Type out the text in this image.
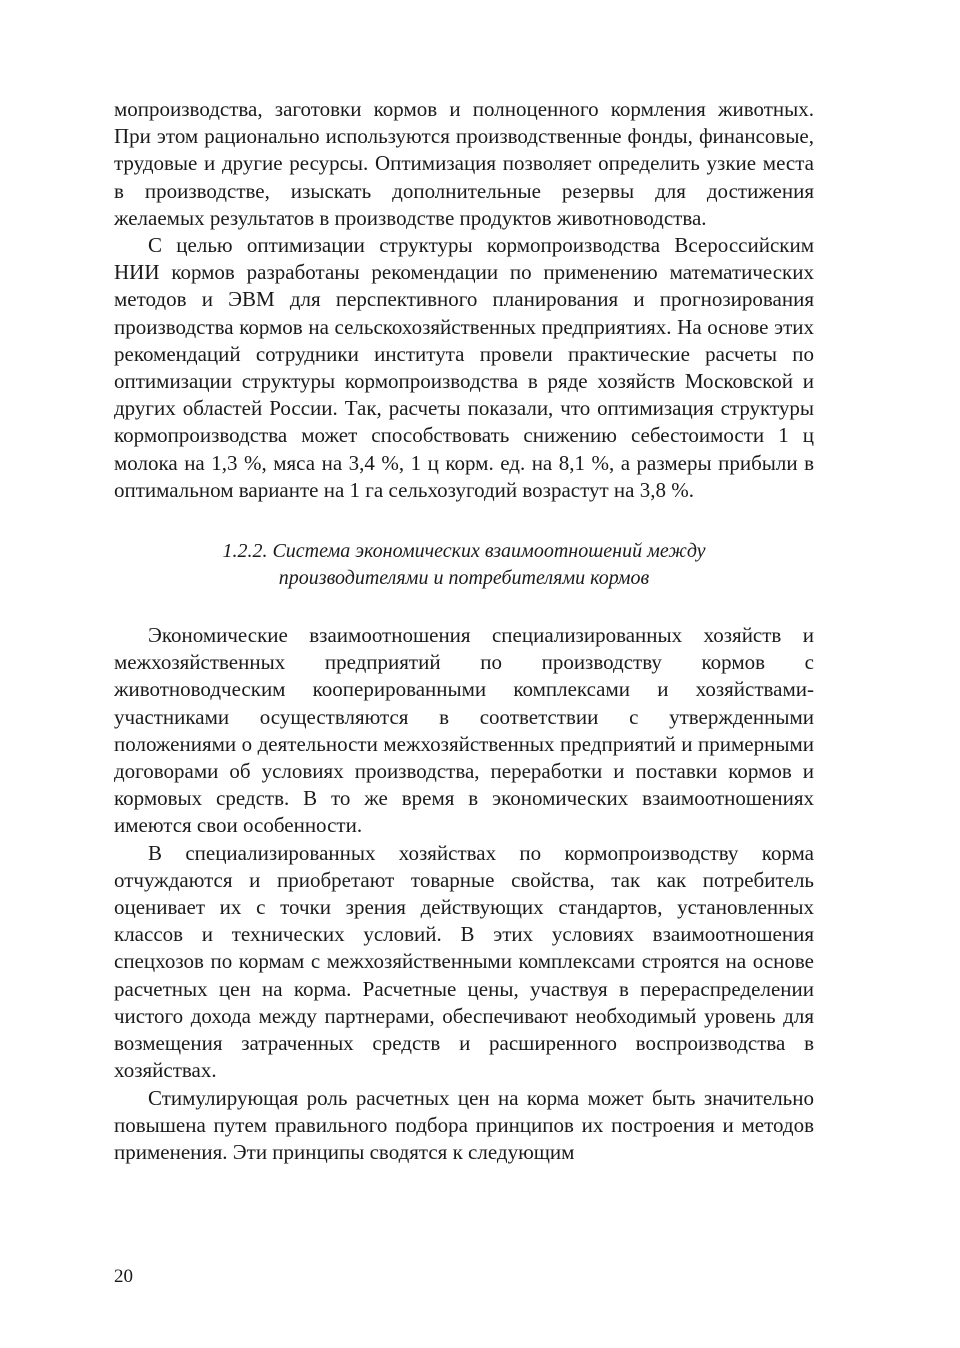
мопроизводства, заготовки кормов и полноценного кормления животных. При этом рационально используются производственные фонды, финансовые, трудовые и другие ресурсы. Оптимизация позволяет определить узкие места в производстве, изыскать дополнительные резервы для достижения желаемых результатов в производстве продуктов животноводства.

С целью оптимизации структуры кормопроизводства Всероссийским НИИ кормов разработаны рекомендации по применению математических методов и ЭВМ для перспективного планирования и прогнозирования производства кормов на сельскохозяйственных предприятиях. На основе этих рекомендаций сотрудники института провели практические расчеты по оптимизации структуры кормопроизводства в ряде хозяйств Московской и других областей России. Так, расчеты показали, что оптимизация структуры кормопроизводства может способствовать снижению себестоимости 1 ц молока на 1,3 %, мяса на 3,4 %, 1 ц корм. ед. на 8,1 %, а размеры прибыли в оптимальном варианте на 1 га сельхозугодий возрастут на 3,8 %.

1.2.2. Система экономических взаимоотношений между
производителями и потребителями кормов

Экономические взаимоотношения специализированных хозяйств и межхозяйственных предприятий по производству кормов с животноводческим кооперированными комплексами и хозяйствами-участниками осуществляются в соответствии с утвержденными положениями о деятельности межхозяйственных предприятий и примерными договорами об условиях производства, переработки и поставки кормов и кормовых средств. В то же время в экономических взаимоотношениях имеются свои особенности.

В специализированных хозяйствах по кормопроизводству корма отчуждаются и приобретают товарные свойства, так как потребитель оценивает их с точки зрения действующих стандартов, установленных классов и технических условий. В этих условиях взаимоотношения спецхозов по кормам с межхозяйственными комплексами строятся на основе расчетных цен на корма. Расчетные цены, участвуя в перераспределении чистого дохода между партнерами, обеспечивают необходимый уровень для возмещения затраченных средств и расширенного воспроизводства в хозяйствах.

Стимулирующая роль расчетных цен на корма может быть значительно повышена путем правильного подбора принципов их построения и методов применения. Эти принципы сводятся к следующим

20
